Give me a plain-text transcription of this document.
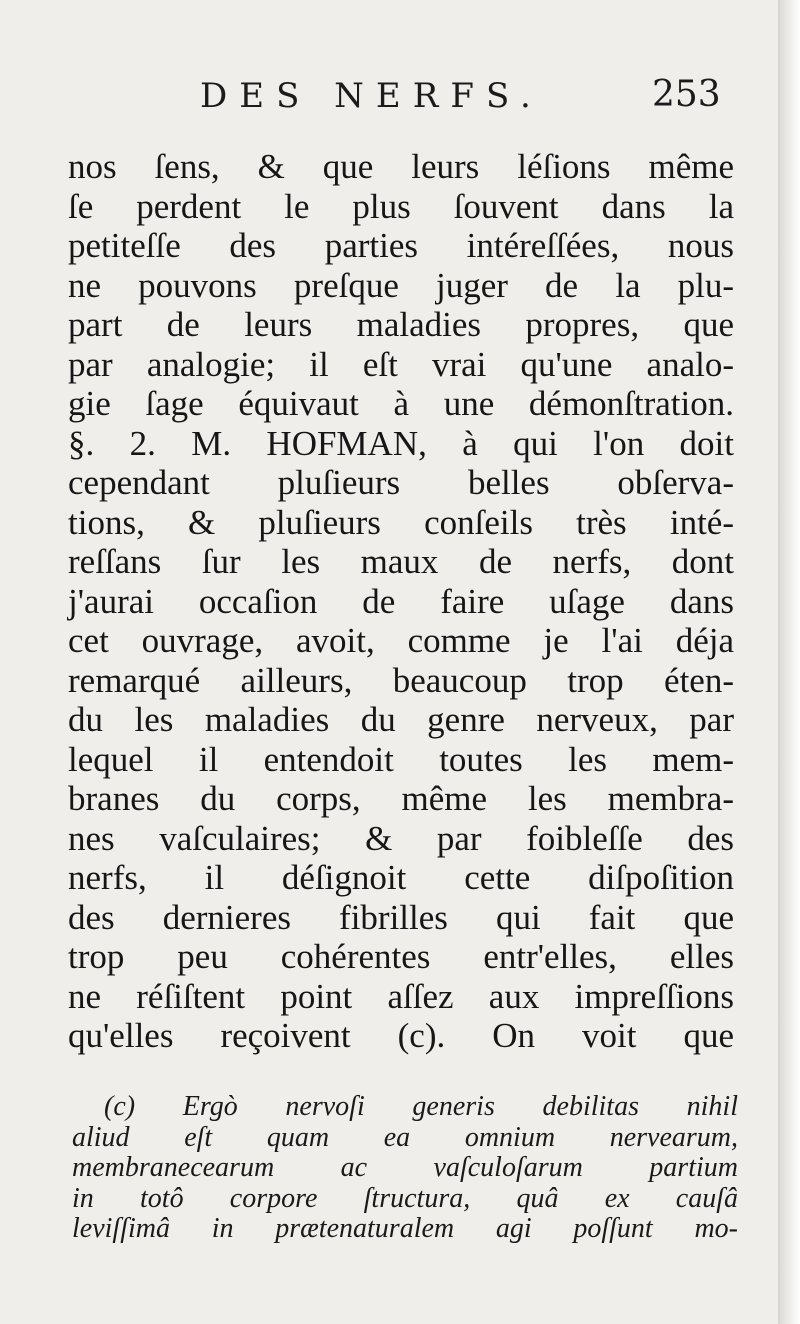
DES NERFS.	253
nos ſens, & que leurs léſions même
ſe perdent le plus ſouvent dans la
petiteſſe des parties intéreſſées, nous
ne pouvons preſque juger de la plu-
part de leurs maladies propres, que
par analogie; il eſt vrai qu'une analo-
gie ſage équivaut à une démonſtration.
§. 2. M. HOFMAN, à qui l'on doit
cependant pluſieurs belles obſerva-
tions, & pluſieurs conſeils très inté-
reſſans ſur les maux de nerfs, dont
j'aurai occaſion de faire uſage dans
cet ouvrage, avoit, comme je l'ai déja
remarqué ailleurs, beaucoup trop éten-
du les maladies du genre nerveux, par
lequel il entendoit toutes les mem-
branes du corps, même les membra-
nes vaſculaires; & par foibleſſe des
nerfs, il déſignoit cette diſpoſition
des dernieres fibrilles qui fait que
trop peu cohérentes entr'elles, elles
ne réſiſtent point aſſez aux impreſſions
qu'elles reçoivent (c). On voit que
(c) Ergò nervoſi generis debilitas nihil
aliud eſt quam ea omnium nervearum,
membranecearum ac vaſculoſarum partium
in totô corpore ſtructura, quâ ex cauſâ
leviſſimâ in prætenaturalem agi poſſunt mo-
